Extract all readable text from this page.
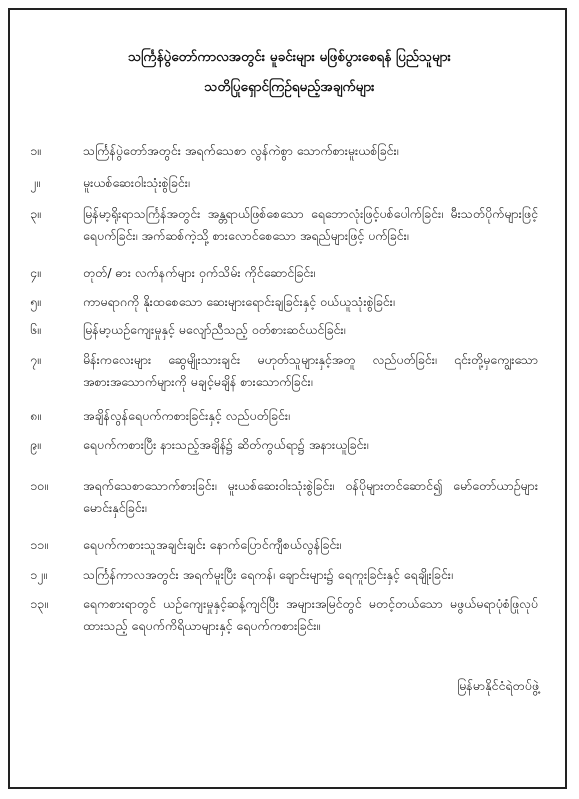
သင်္ကြန်ပွဲတော်ကာလအတွင်း မူခင်းများ မဖြစ်ပွားစေရန် ပြည်သူများ
သတိပြုရှောင်ကြဉ်ရမည့်အချက်များ
၁။	သင်္ကြန်ပွဲတော်အတွင်း အရက်သေစာ လွန်ကဲစွာ သောက်စားမူးယစ်ခြင်း၊
၂။	မူးယစ်ဆေးဝါးသုံးစွဲခြင်း၊
၃။	မြန်မာ့ရိုးရာသင်္ကြန်အတွင်း အန္တရာယ်ဖြစ်စေသော ရေဘောလုံးဖြင့်ပစ်ပေါက်ခြင်း၊ မီးသတ်ပိုက်များဖြင့် ရေပက်ခြင်း၊ အက်ဆစ်ကဲ့သို့ စားလောင်စေသော အရည်များဖြင့် ပက်ခြင်း၊
၄။	တုတ်/ ဓား လက်နက်များ ဝှက်သိမ်း ကိုင်ဆောင်ခြင်း၊
၅။	ကာမရာဂကို နိုးထစေသော ဆေးများရောင်းချခြင်းနှင့် ဝယ်ယူသုံးစွဲခြင်း၊
၆။	မြန်မာ့ယဉ်ကျေးမှုနှင့် မလျော်ညီသည့် ဝတ်စားဆင်ယင်ခြင်း၊
၇။	မိန်းကလေးများ ဆွေမျိုးသားချင်း မဟုတ်သူများနှင့်အတူ လည်ပတ်ခြင်း၊ ၎င်းတို့မှကျွေးသောအစားအသောက်များကို မချင့်မချိန် စားသောက်ခြင်း၊
၈။	အချိန်လွန်ရေပက်ကစားခြင်းနှင့် လည်ပတ်ခြင်း၊
၉။	ရေပက်ကစားပြီး နားသည့်အချိန်၌ ဆိတ်ကွယ်ရာ၌ အနားယူခြင်း၊
၁၀။	အရက်သေစာသောက်စားခြင်း၊ မူးယစ်ဆေးဝါးသုံးစွဲခြင်း၊ ဝန်ပိုများတင်ဆောင်၍ မော်တော်ယာဉ်များမောင်းနှင်ခြင်း၊
၁၁။	ရေပက်ကစားသူအချင်းချင်း နောက်ပြောင်ကျီစယ်လွန်ခြင်း၊
၁၂။	သင်္ကြန်ကာလအတွင်း အရက်မူးပြီး ရေကန်၊ ချောင်းများ၌ ရေကူးခြင်းနှင့် ရေချိုးခြင်း၊
၁၃။	ရေကစားရာတွင် ယဉ်ကျေးမှုနှင့်ဆန့်ကျင်ပြီး အများအမြင်တွင် မတင့်တယ်သော မဖွယ်မရာပုံစံဖြုလုပ်ထားသည့် ရေပက်ကိရိယာများနှင့် ရေပက်ကစားခြင်း။
မြန်မာနိုင်ငံရဲတပ်ဖွဲ့
